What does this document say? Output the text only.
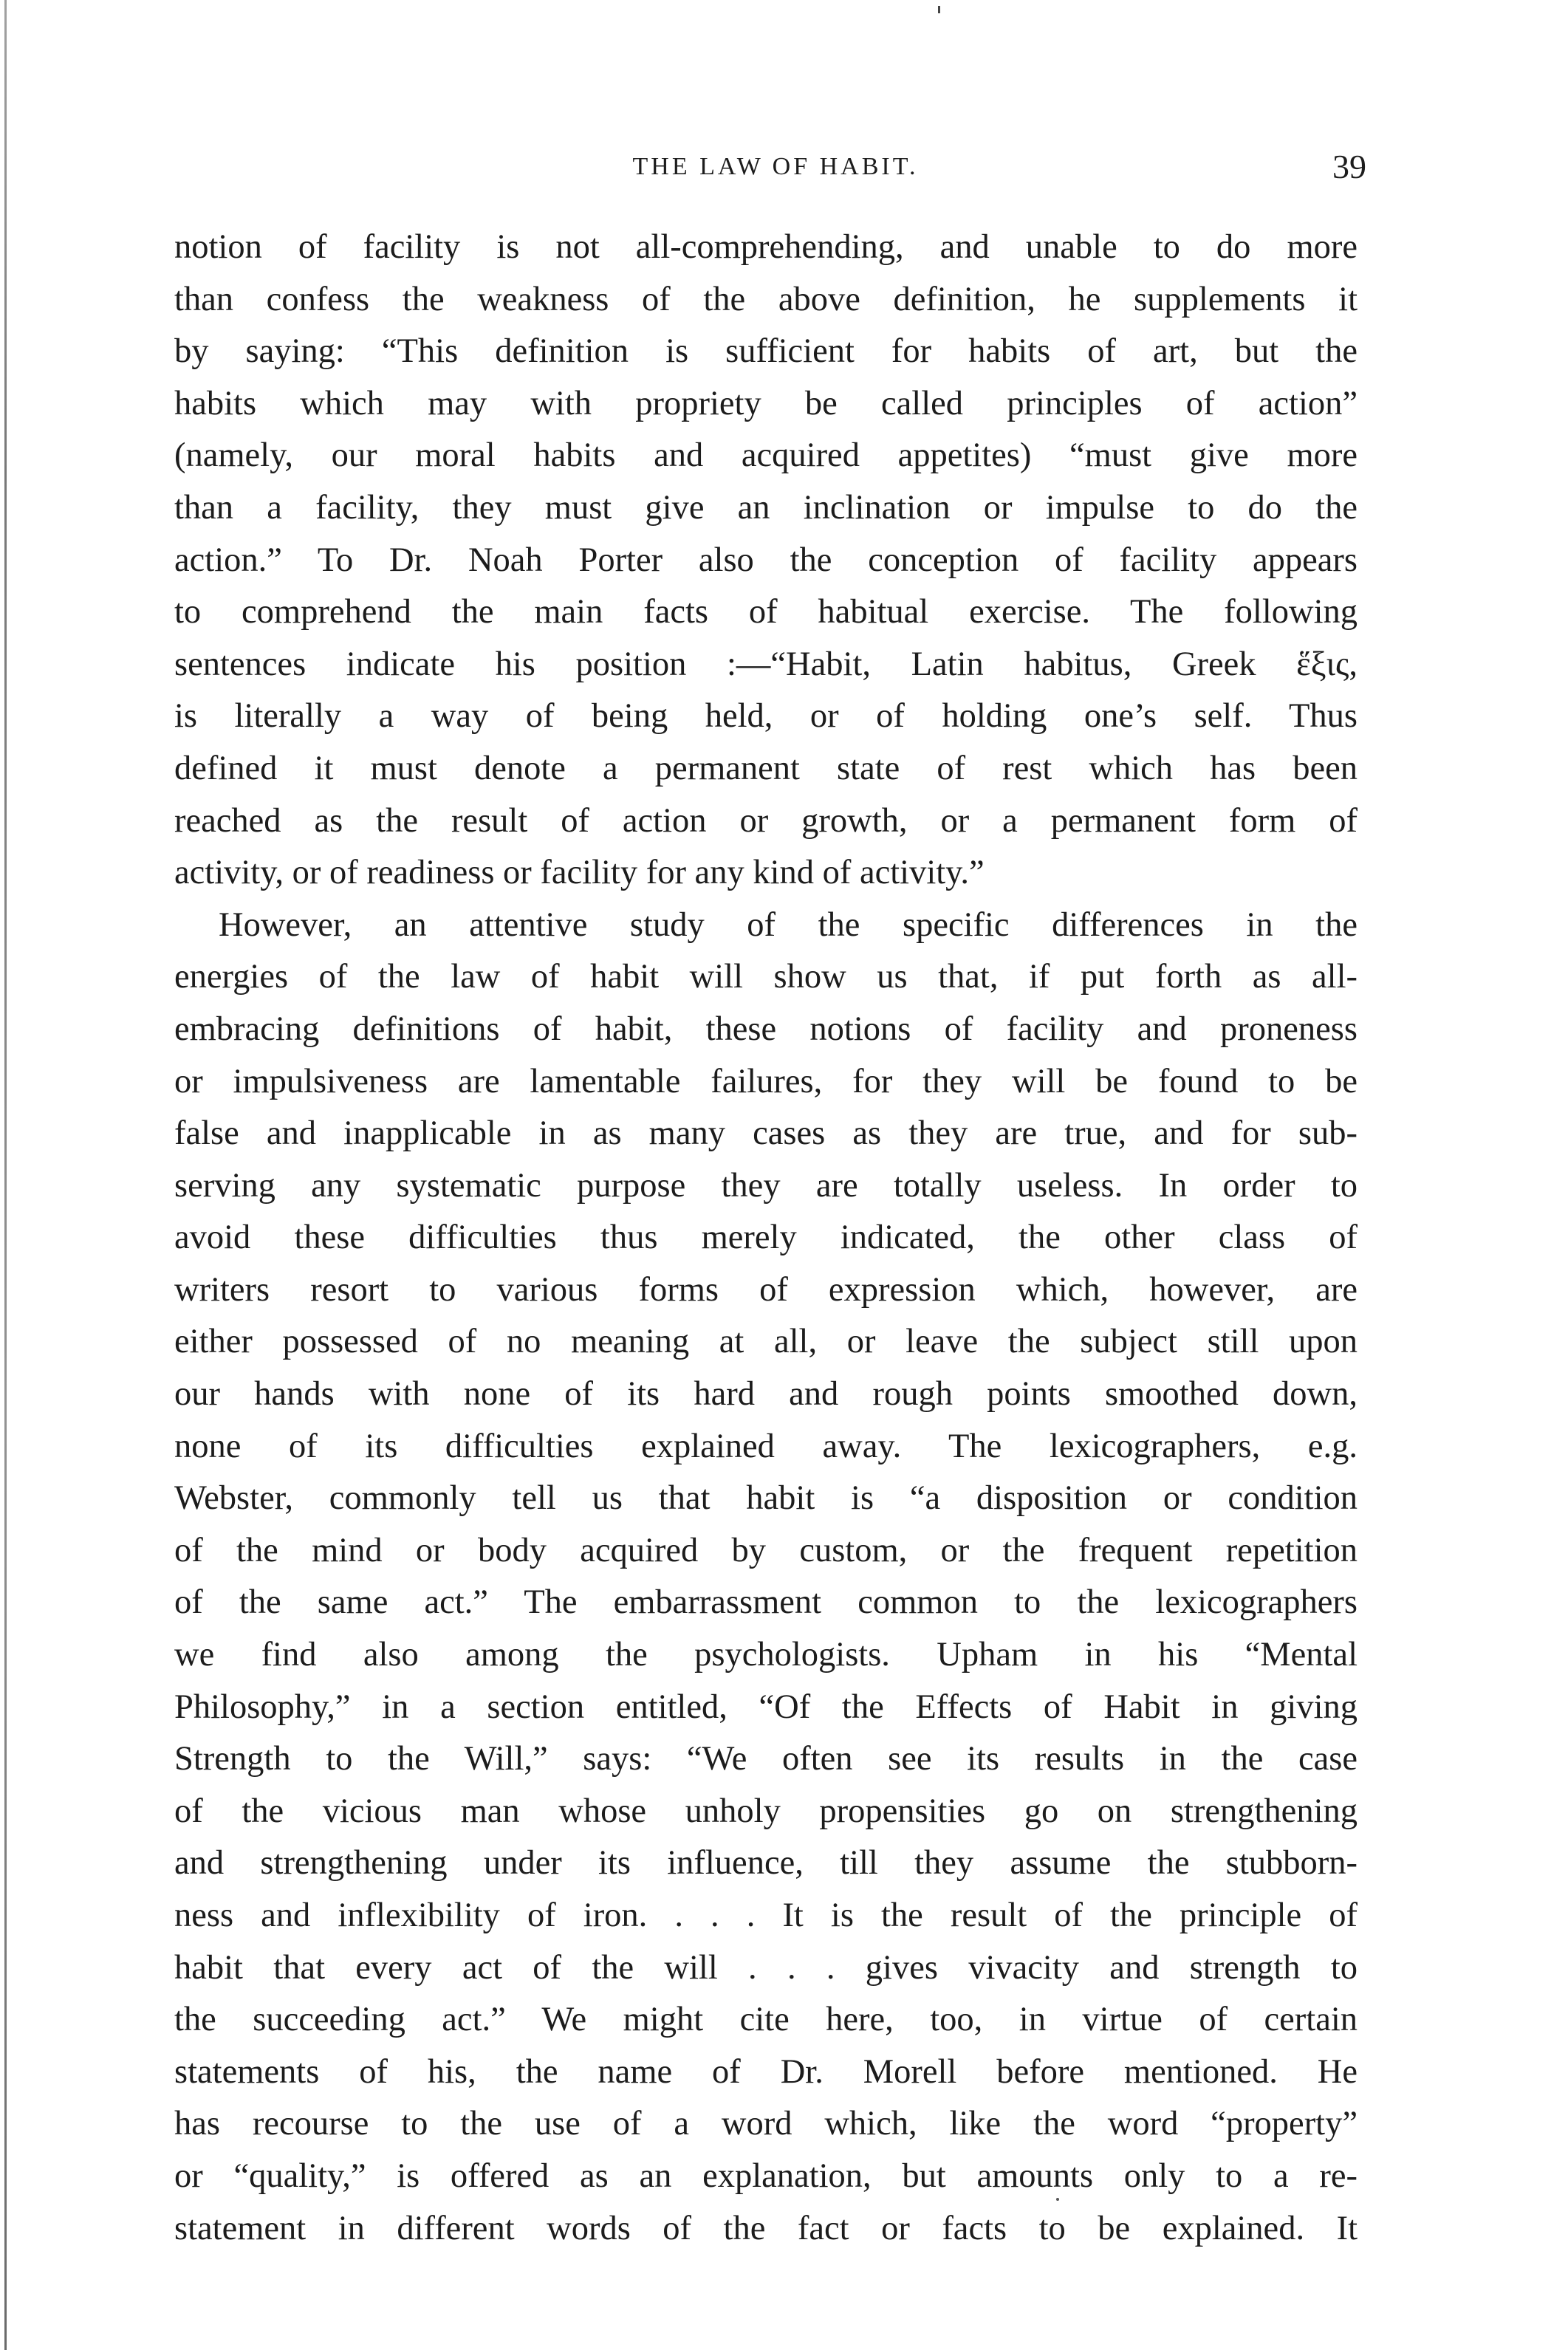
THE LAW OF HABIT.	39
notion of facility is not all-comprehending, and unable to do more
than confess the weakness of the above definition, he supplements it
by saying: “This definition is sufficient for habits of art, but the
habits which may with propriety be called principles of action”
(namely, our moral habits and acquired appetites) “must give more
than a facility, they must give an inclination or impulse to do the
action.” To Dr. Noah Porter also the conception of facility appears
to comprehend the main facts of habitual exercise. The following
sentences indicate his position :—“Habit, Latin habitus, Greek ἕξις,
is literally a way of being held, or of holding one’s self. Thus
defined it must denote a permanent state of rest which has been
reached as the result of action or growth, or a permanent form of
activity, or of readiness or facility for any kind of activity.”
However, an attentive study of the specific differences in the
energies of the law of habit will show us that, if put forth as all-
embracing definitions of habit, these notions of facility and proneness
or impulsiveness are lamentable failures, for they will be found to be
false and inapplicable in as many cases as they are true, and for sub-
serving any systematic purpose they are totally useless. In order to
avoid these difficulties thus merely indicated, the other class of
writers resort to various forms of expression which, however, are
either possessed of no meaning at all, or leave the subject still upon
our hands with none of its hard and rough points smoothed down,
none of its difficulties explained away. The lexicographers, e.g.
Webster, commonly tell us that habit is “a disposition or condition
of the mind or body acquired by custom, or the frequent repetition
of the same act.” The embarrassment common to the lexicographers
we find also among the psychologists. Upham in his “Mental
Philosophy,” in a section entitled, “Of the Effects of Habit in giving
Strength to the Will,” says: “We often see its results in the case
of the vicious man whose unholy propensities go on strengthening
and strengthening under its influence, till they assume the stubborn-
ness and inflexibility of iron. . . . It is the result of the principle of
habit that every act of the will . . . gives vivacity and strength to
the succeeding act.” We might cite here, too, in virtue of certain
statements of his, the name of Dr. Morell before mentioned. He
has recourse to the use of a word which, like the word “property”
or “quality,” is offered as an explanation, but amounts only to a re-
statement in different words of the fact or facts to be explained. It
